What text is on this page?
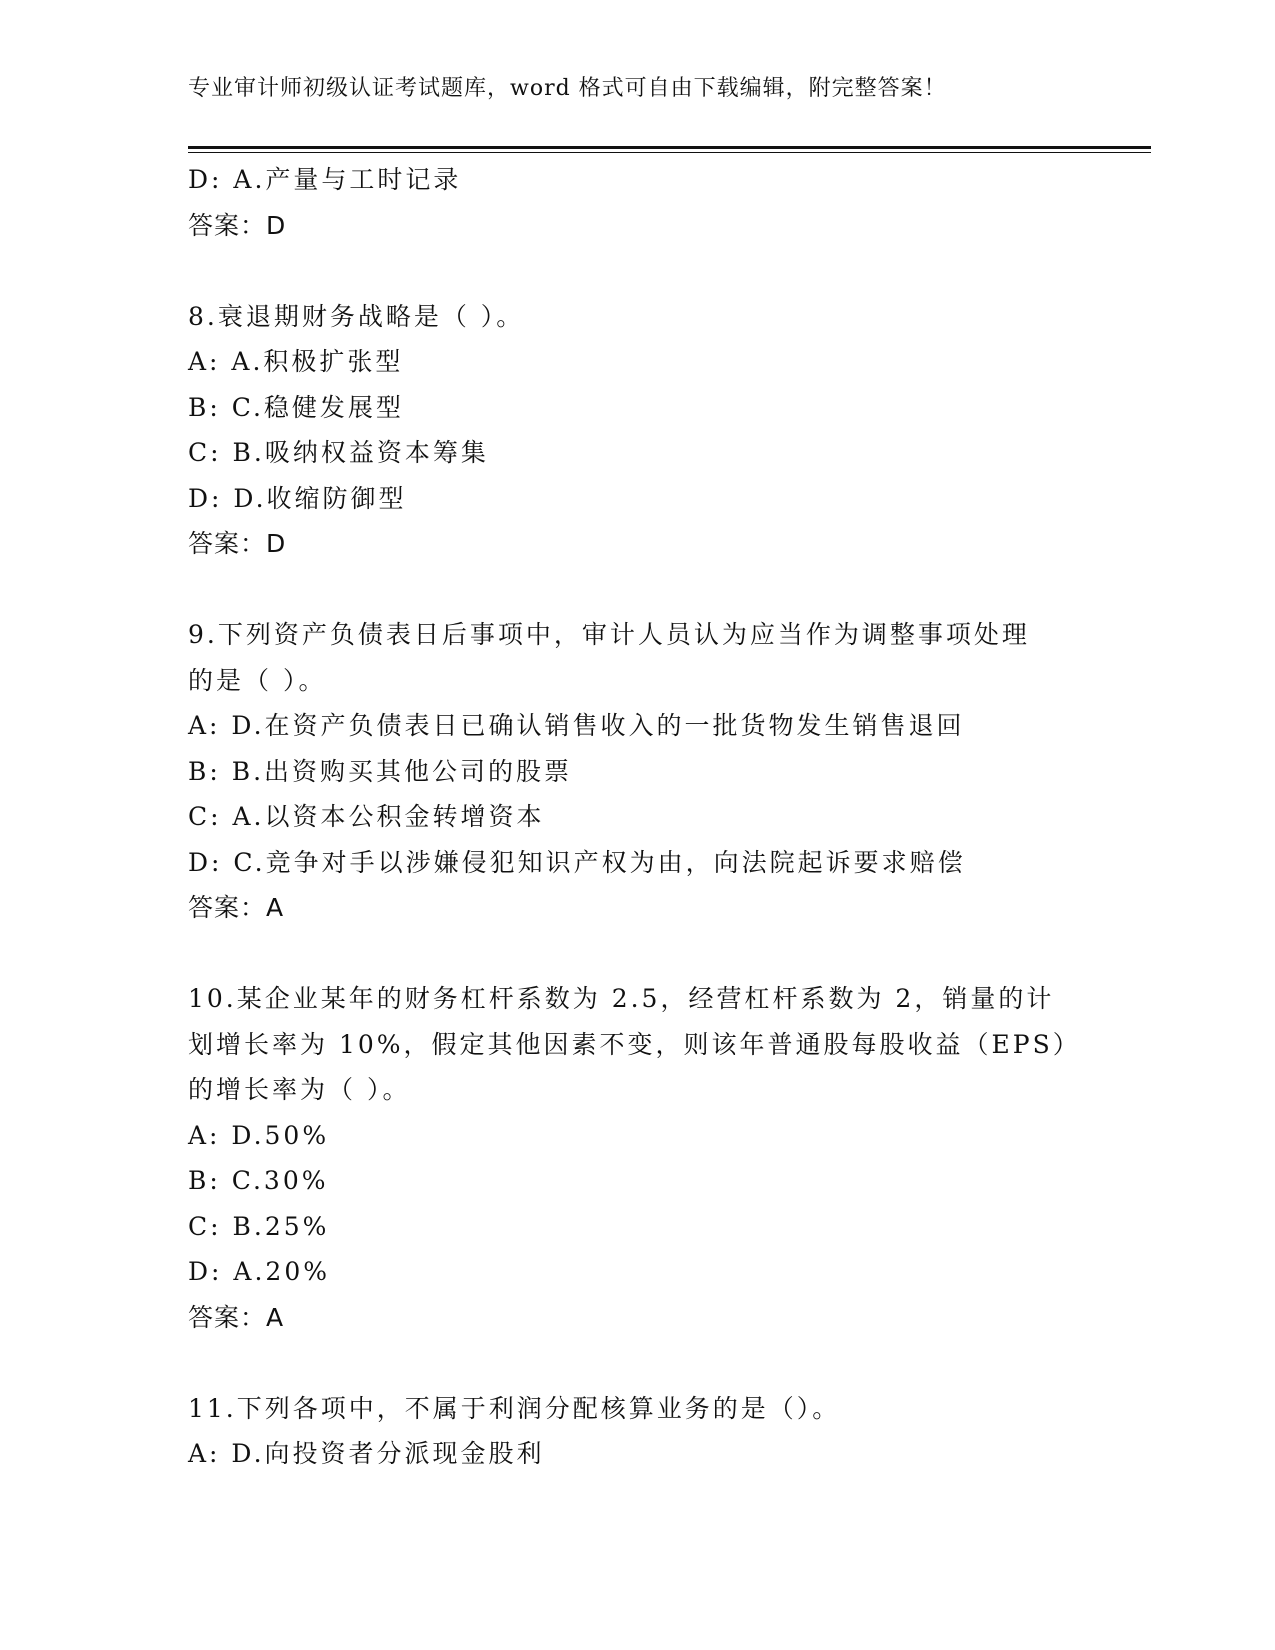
专业审计师初级认证考试题库，word 格式可自由下载编辑，附完整答案！
D: A.产量与工时记录
答案：D
8.衰退期财务战略是（ ）。
A: A.积极扩张型
B: C.稳健发展型
C: B.吸纳权益资本筹集
D: D.收缩防御型
答案：D
9.下列资产负债表日后事项中，审计人员认为应当作为调整事项处理
的是（ ）。
A: D.在资产负债表日已确认销售收入的一批货物发生销售退回
B: B.出资购买其他公司的股票
C: A.以资本公积金转增资本
D: C.竞争对手以涉嫌侵犯知识产权为由，向法院起诉要求赔偿
答案：A
10.某企业某年的财务杠杆系数为 2.5，经营杠杆系数为 2，销量的计
划增长率为 10%，假定其他因素不变，则该年普通股每股收益（EPS）
的增长率为（ ）。
A: D.50%
B: C.30%
C: B.25%
D: A.20%
答案：A
11.下列各项中，不属于利润分配核算业务的是（）。
A: D.向投资者分派现金股利
